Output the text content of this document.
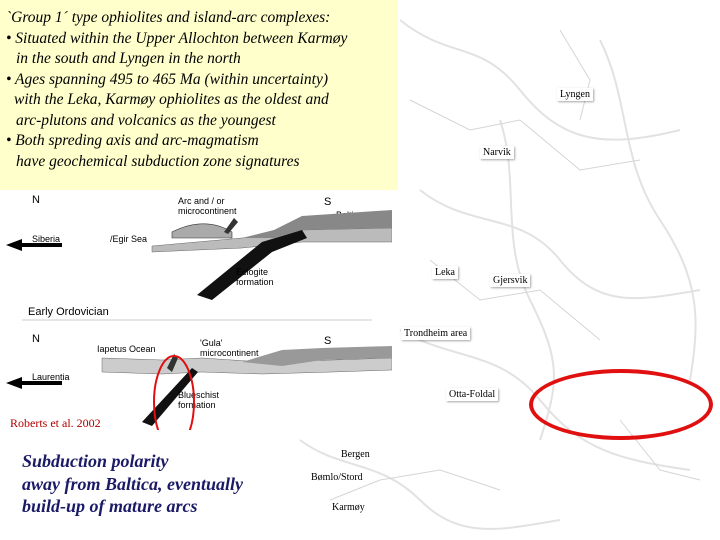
`Group 1´ type ophiolites and island-arc complexes:
• Situated within the Upper Allochton between Karmøy
in the south and Lyngen in the north
• Ages spanning 495 to 465 Ma (within uncertainty)
with the Leka, Karmøy ophiolites as the oldest and
arc-plutons and volcanics as the youngest
• Both spreding axis and arc-magmatism
have geochemical subduction zone signatures
Lyngen
Narvik
Leka
Gjersvik
Trondheim area
Otta-Foldal
Bergen
Bømlo/Stord
Karmøy
N	S
Arc and / or
microcontinent
Siberia	/Egir Sea
Eclogite
formation
Early Ordovician
N	S
'Gula'
microcontinent
Iapetus Ocean
Laurentia
Blueschist
formation
Roberts et al. 2002
Subduction polarity
away from Baltica, eventually
build-up of mature arcs
